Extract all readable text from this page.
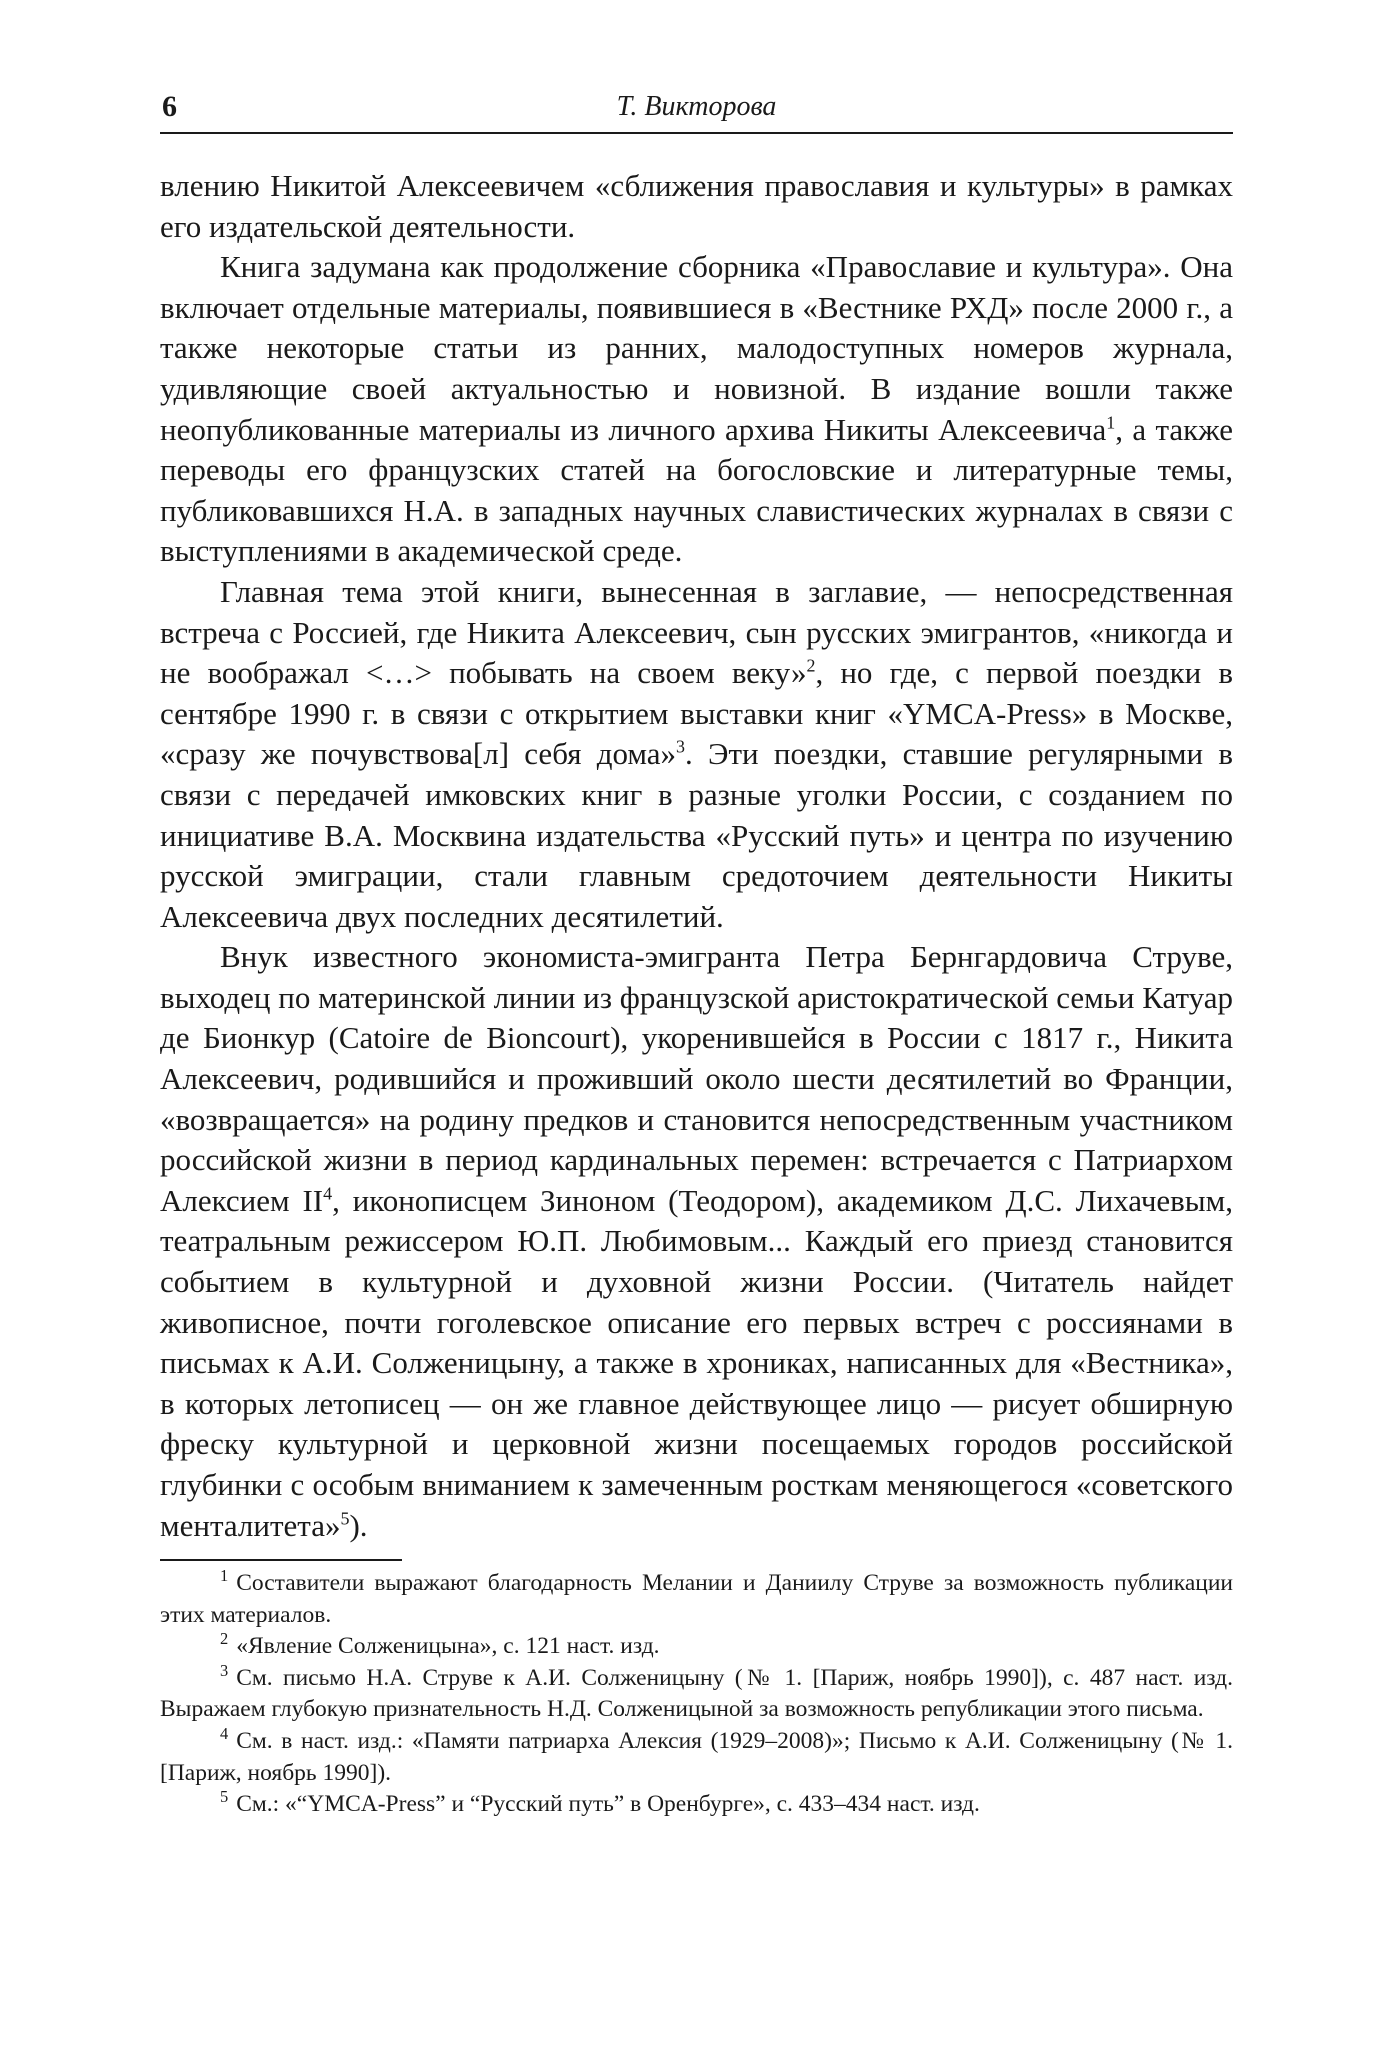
6	Т. Викторова

влению Никитой Алексеевичем «сближения православия и культуры» в рамках его издательской деятельности.

Книга задумана как продолжение сборника «Православие и культура». Она включает отдельные материалы, появившиеся в «Вестнике РХД» после 2000 г., а также некоторые статьи из ранних, малодоступных номеров журнала, удивляющие своей актуальностью и новизной. В издание вошли также неопубликованные материалы из личного архива Никиты Алексеевича$^1$, а также переводы его французских статей на богословские и литературные темы, публиковавшихся Н.А. в западных научных славистических журналах в связи с выступлениями в академической среде.

Главная тема этой книги, вынесенная в заглавие, — непосредственная встреча с Россией, где Никита Алексеевич, сын русских эмигрантов, «никогда и не воображал <…> побывать на своем веку»$^2$, но где, с первой поездки в сентябре 1990 г. в связи с открытием выставки книг «YMCA-Press» в Москве, «сразу же почувствова[л] себя дома»$^3$. Эти поездки, ставшие регулярными в связи с передачей имковских книг в разные уголки России, с созданием по инициативе В.А. Москвина издательства «Русский путь» и центра по изучению русской эмиграции, стали главным средоточием деятельности Никиты Алексеевича двух последних десятилетий.

Внук известного экономиста-эмигранта Петра Бернгардовича Струве, выходец по материнской линии из французской аристократической семьи Катуар де Бионкур (Catoire de Bioncourt), укоренившейся в России с 1817 г., Никита Алексеевич, родившийся и проживший около шести десятилетий во Франции, «возвращается» на родину предков и становится непосредственным участником российской жизни в период кардинальных перемен: встречается с Патриархом Алексием $II^4$, иконописцем Зиноном (Теодором), академиком Д.С. Лихачевым, театральным режиссером Ю.П. Любимовым... Каждый его приезд становится событием в культурной и духовной жизни России. (Читатель найдет живописное, почти гоголевское описание его первых встреч с россиянами в письмах к А.И. Солженицыну, а также в хрониках, написанных для «Вестника», в которых летописец — он же главное действующее лицо — рисует обширную фреску культурной и церковной жизни посещаемых городов российской глубинки с особым вниманием к замеченным росткам меняющегося «советского менталитета»$^5$).

$^1$ Составители выражают благодарность Мелании и Даниилу Струве за возможность публикации этих материалов.

$^2$ «Явление Солженицына», с. 121 наст. изд.

$^3$ См. письмо Н.А. Струве к А.И. Солженицыну (№ 1. [Париж, ноябрь 1990]), с. 487 наст. изд. Выражаем глубокую признательность Н.Д. Солженицыной за возможность републикации этого письма.

$^4$ См. в наст. изд.: «Памяти патриарха Алексия (1929–2008)»; Письмо к А.И. Солженицыну (№ 1. [Париж, ноябрь 1990]).

$^5$ См.: «“YMCA-Press” и “Русский путь” в Оренбурге», с. 433–434 наст. изд.
